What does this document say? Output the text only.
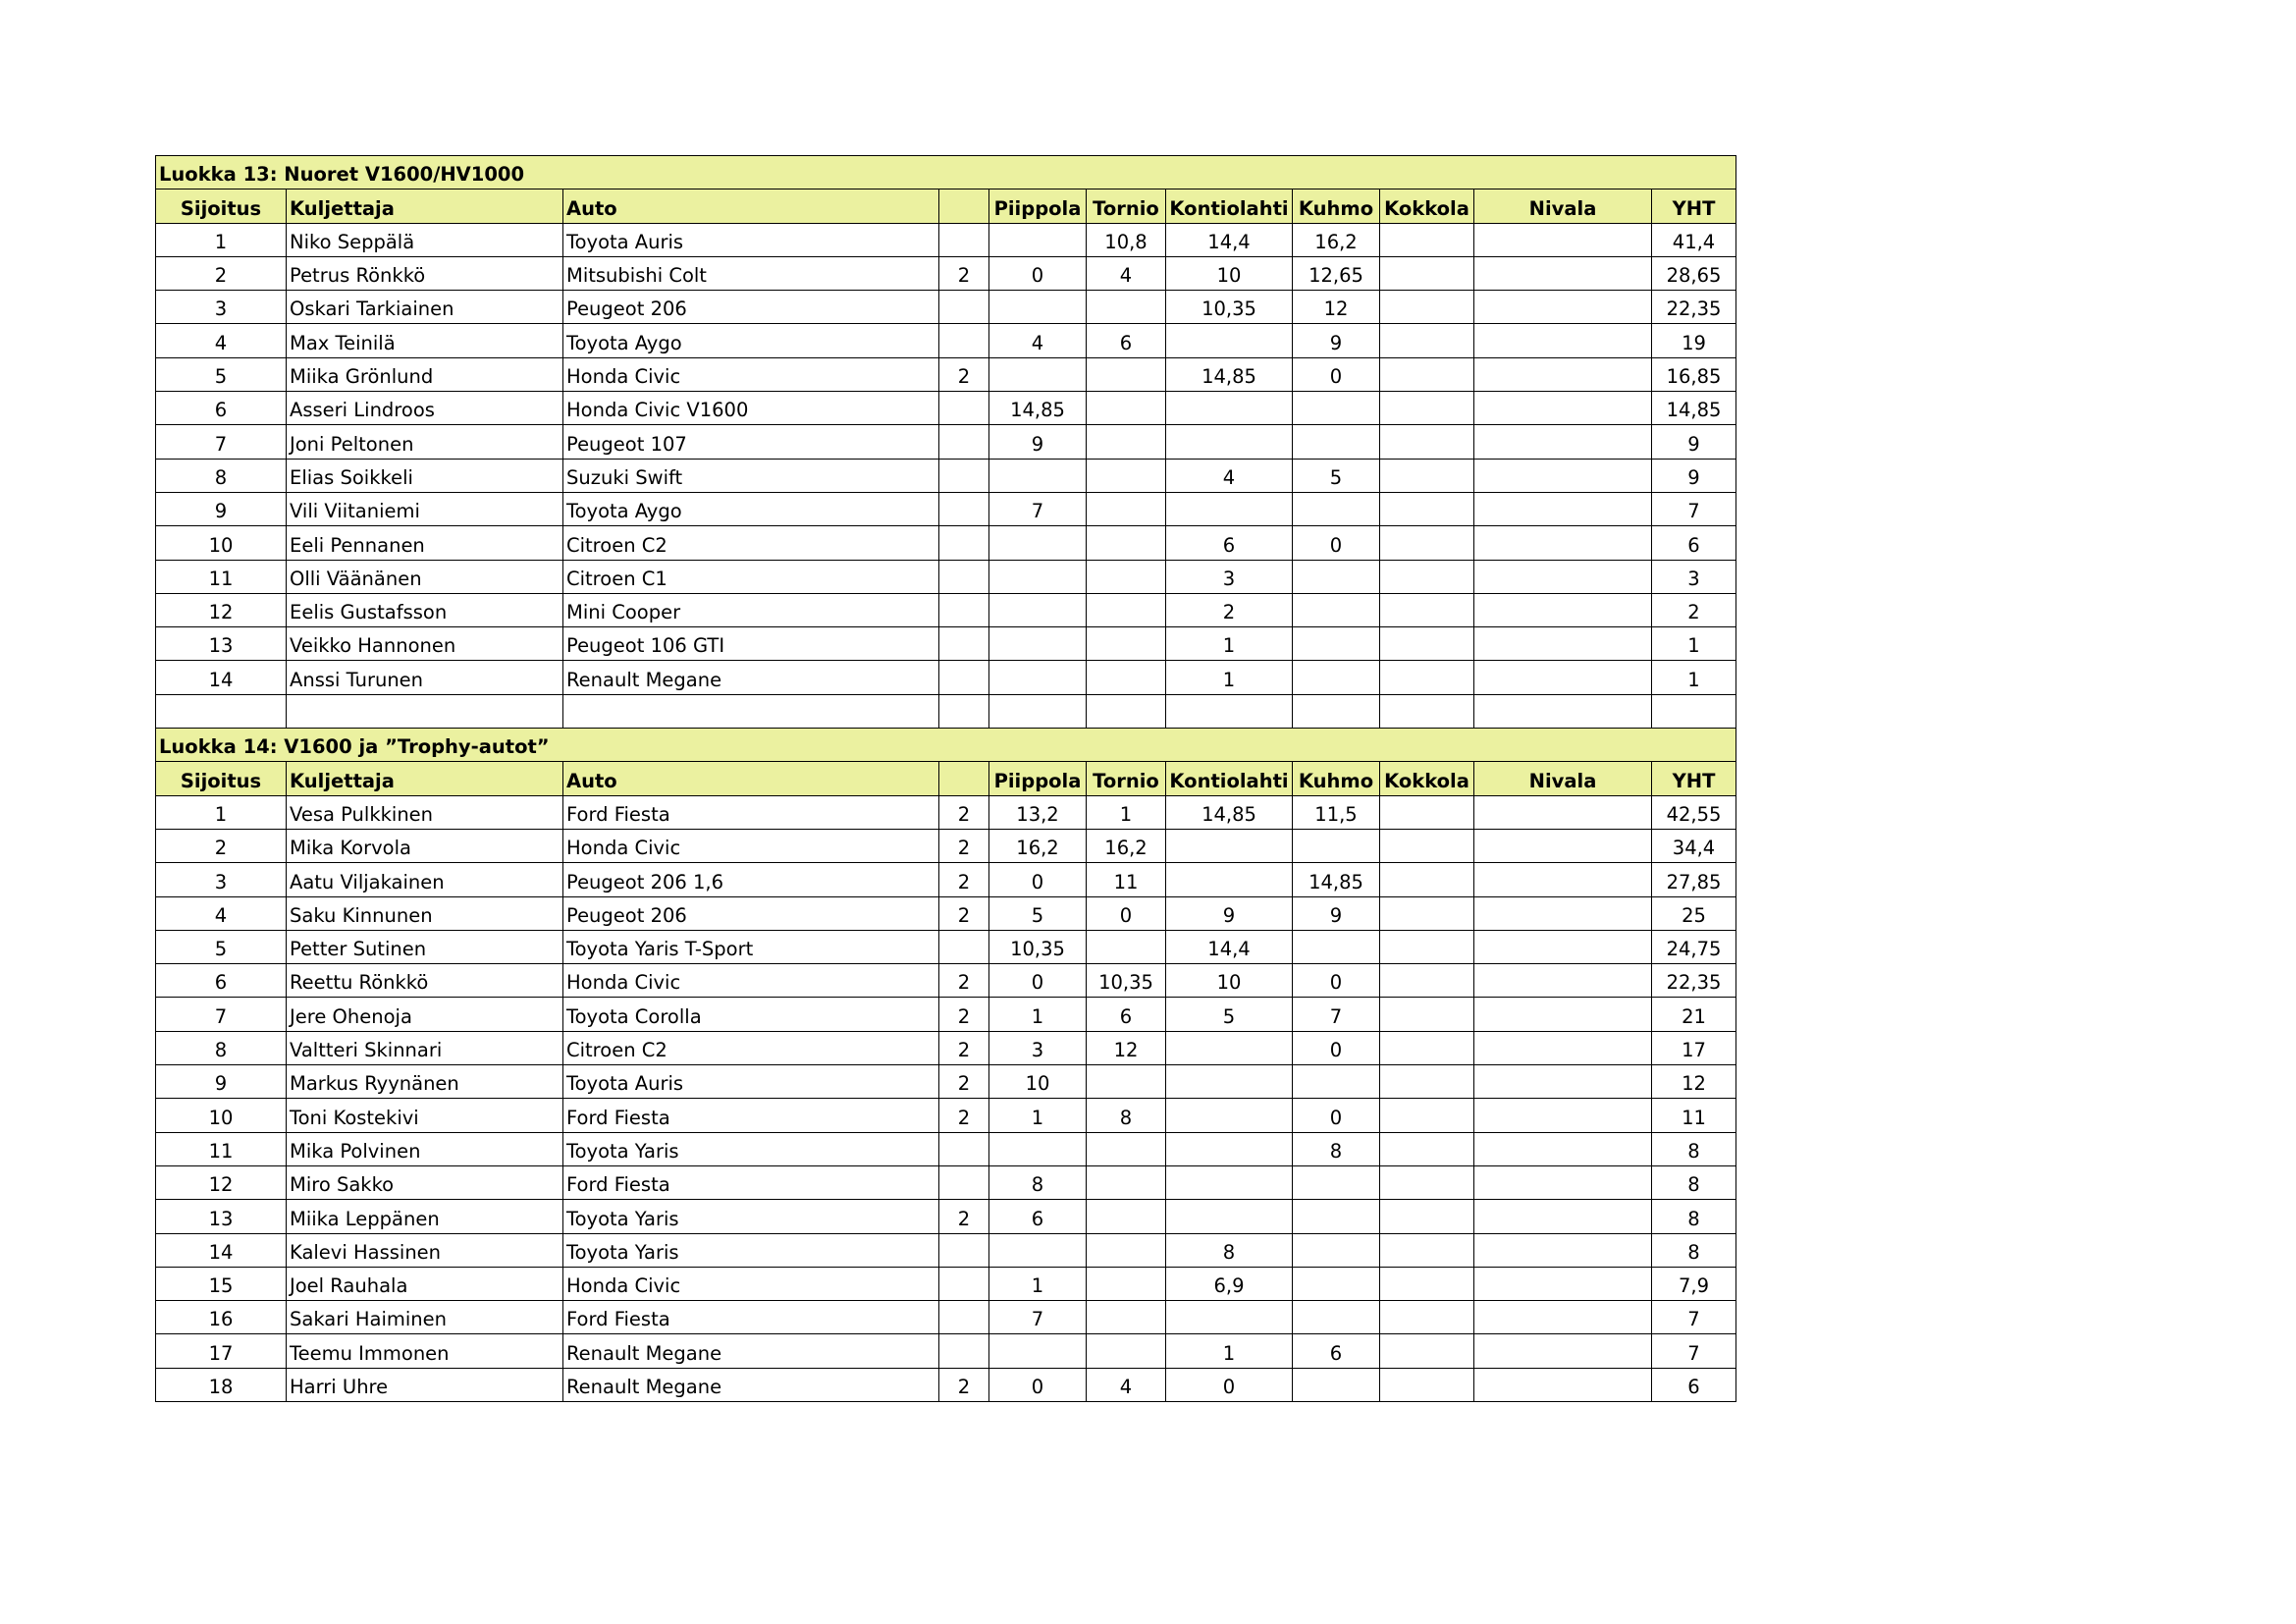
Luokka 13: Nuoret V1600/HV1000										
Sijoitus	Kuljettaja	Auto		Piippola	Tornio	Kontiolahti	Kuhmo	Kokkola	Nivala	YHT
1	Niko Seppälä	Toyota Auris			10,8	14,4	16,2			41,4
2	Petrus Rönkkö	Mitsubishi Colt	2	0	4	10	12,65			28,65
3	Oskari Tarkiainen	Peugeot 206				10,35	12			22,35
4	Max Teinilä	Toyota Aygo		4	6		9			19
5	Miika Grönlund	Honda Civic	2			14,85	0			16,85
6	Asseri Lindroos	Honda Civic V1600		14,85						14,85
7	Joni Peltonen	Peugeot 107		9						9
8	Elias Soikkeli	Suzuki Swift				4	5			9
9	Vili Viitaniemi	Toyota Aygo		7						7
10	Eeli Pennanen	Citroen C2				6	0			6
11	Olli Väänänen	Citroen C1				3				3
12	Eelis Gustafsson	Mini Cooper				2				2
13	Veikko Hannonen	Peugeot 106 GTI				1				1
14	Anssi Turunen	Renault Megane				1				1

Luokka 14: V1600 ja ”Trophy-autot”										
Sijoitus	Kuljettaja	Auto		Piippola	Tornio	Kontiolahti	Kuhmo	Kokkola	Nivala	YHT
1	Vesa Pulkkinen	Ford Fiesta	2	13,2	1	14,85	11,5			42,55
2	Mika Korvola	Honda Civic	2	16,2	16,2					34,4
3	Aatu Viljakainen	Peugeot 206 1,6	2	0	11		14,85			27,85
4	Saku Kinnunen	Peugeot 206	2	5	0	9	9			25
5	Petter Sutinen	Toyota Yaris T-Sport		10,35		14,4				24,75
6	Reettu Rönkkö	Honda Civic	2	0	10,35	10	0			22,35
7	Jere Ohenoja	Toyota Corolla	2	1	6	5	7			21
8	Valtteri Skinnari	Citroen C2	2	3	12		0			17
9	Markus Ryynänen	Toyota Auris	2	10						12
10	Toni Kostekivi	Ford Fiesta	2	1	8		0			11
11	Mika Polvinen	Toyota Yaris					8			8
12	Miro Sakko	Ford Fiesta		8						8
13	Miika Leppänen	Toyota Yaris	2	6						8
14	Kalevi Hassinen	Toyota Yaris				8				8
15	Joel Rauhala	Honda Civic		1		6,9				7,9
16	Sakari Haiminen	Ford Fiesta		7						7
17	Teemu Immonen	Renault Megane				1	6			7
18	Harri Uhre	Renault Megane	2	0	4	0				6
